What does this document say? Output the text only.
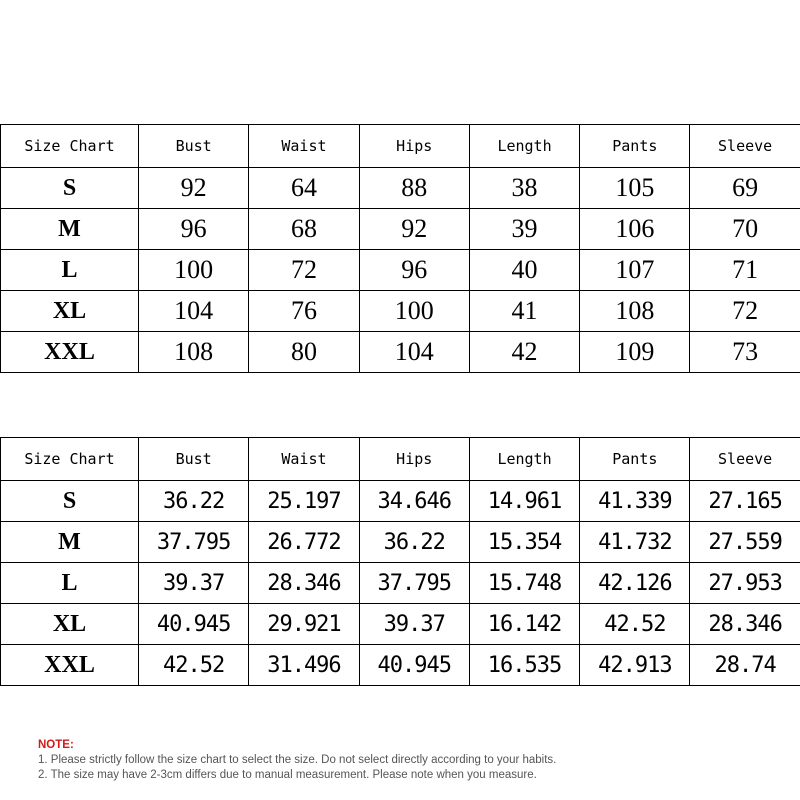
Size Chart	Bust	Waist	Hips	Length	Pants	Sleeve
S	92	64	88	38	105	69
M	96	68	92	39	106	70
L	100	72	96	40	107	71
XL	104	76	100	41	108	72
XXL	108	80	104	42	109	73
Size Chart	Bust	Waist	Hips	Length	Pants	Sleeve
S	36.22	25.197	34.646	14.961	41.339	27.165
M	37.795	26.772	36.22	15.354	41.732	27.559
L	39.37	28.346	37.795	15.748	42.126	27.953
XL	40.945	29.921	39.37	16.142	42.52	28.346
XXL	42.52	31.496	40.945	16.535	42.913	28.74
NOTE:
1. Please strictly follow the size chart to select the size. Do not select directly according to your habits.
2. The size may have 2-3cm differs due to manual measurement. Please note when you measure.
